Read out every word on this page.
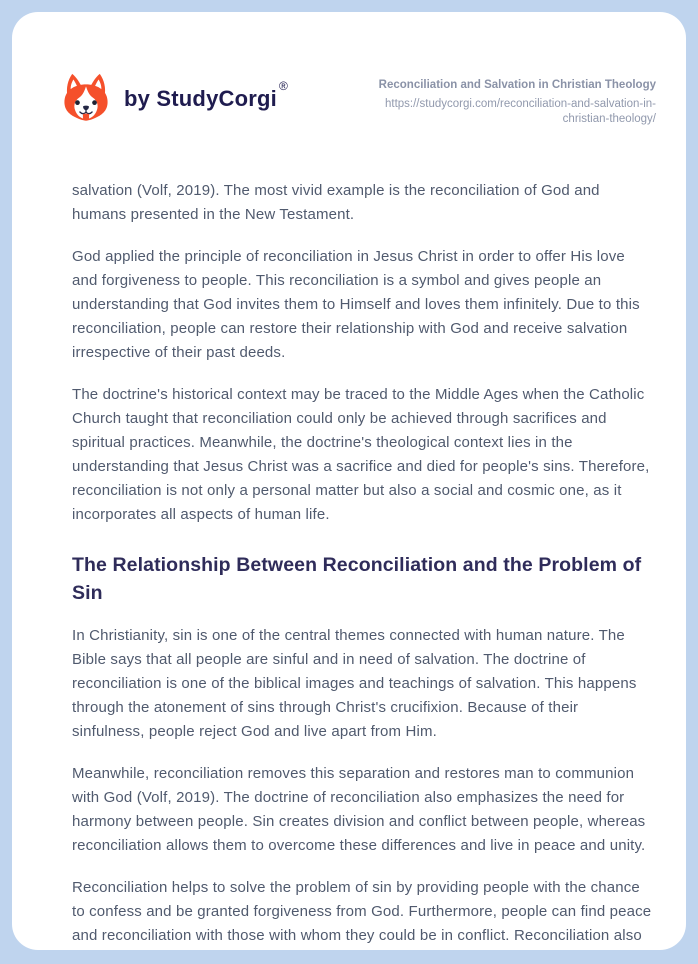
by StudyCorgi ®	Reconciliation and Salvation in Christian Theology
https://studycorgi.com/reconciliation-and-salvation-in-christian-theology/

salvation (Volf, 2019). The most vivid example is the reconciliation of God and humans presented in the New Testament.

God applied the principle of reconciliation in Jesus Christ in order to offer His love and forgiveness to people. This reconciliation is a symbol and gives people an understanding that God invites them to Himself and loves them infinitely. Due to this reconciliation, people can restore their relationship with God and receive salvation irrespective of their past deeds.

The doctrine's historical context may be traced to the Middle Ages when the Catholic Church taught that reconciliation could only be achieved through sacrifices and spiritual practices. Meanwhile, the doctrine's theological context lies in the understanding that Jesus Christ was a sacrifice and died for people's sins. Therefore, reconciliation is not only a personal matter but also a social and cosmic one, as it incorporates all aspects of human life.

The Relationship Between Reconciliation and the Problem of Sin

In Christianity, sin is one of the central themes connected with human nature. The Bible says that all people are sinful and in need of salvation. The doctrine of reconciliation is one of the biblical images and teachings of salvation. This happens through the atonement of sins through Christ's crucifixion. Because of their sinfulness, people reject God and live apart from Him.

Meanwhile, reconciliation removes this separation and restores man to communion with God (Volf, 2019). The doctrine of reconciliation also emphasizes the need for harmony between people. Sin creates division and conflict between people, whereas reconciliation allows them to overcome these differences and live in peace and unity.

Reconciliation helps to solve the problem of sin by providing people with the chance to confess and be granted forgiveness from God. Furthermore, people can find peace and reconciliation with those with whom they could be in conflict. Reconciliation also
